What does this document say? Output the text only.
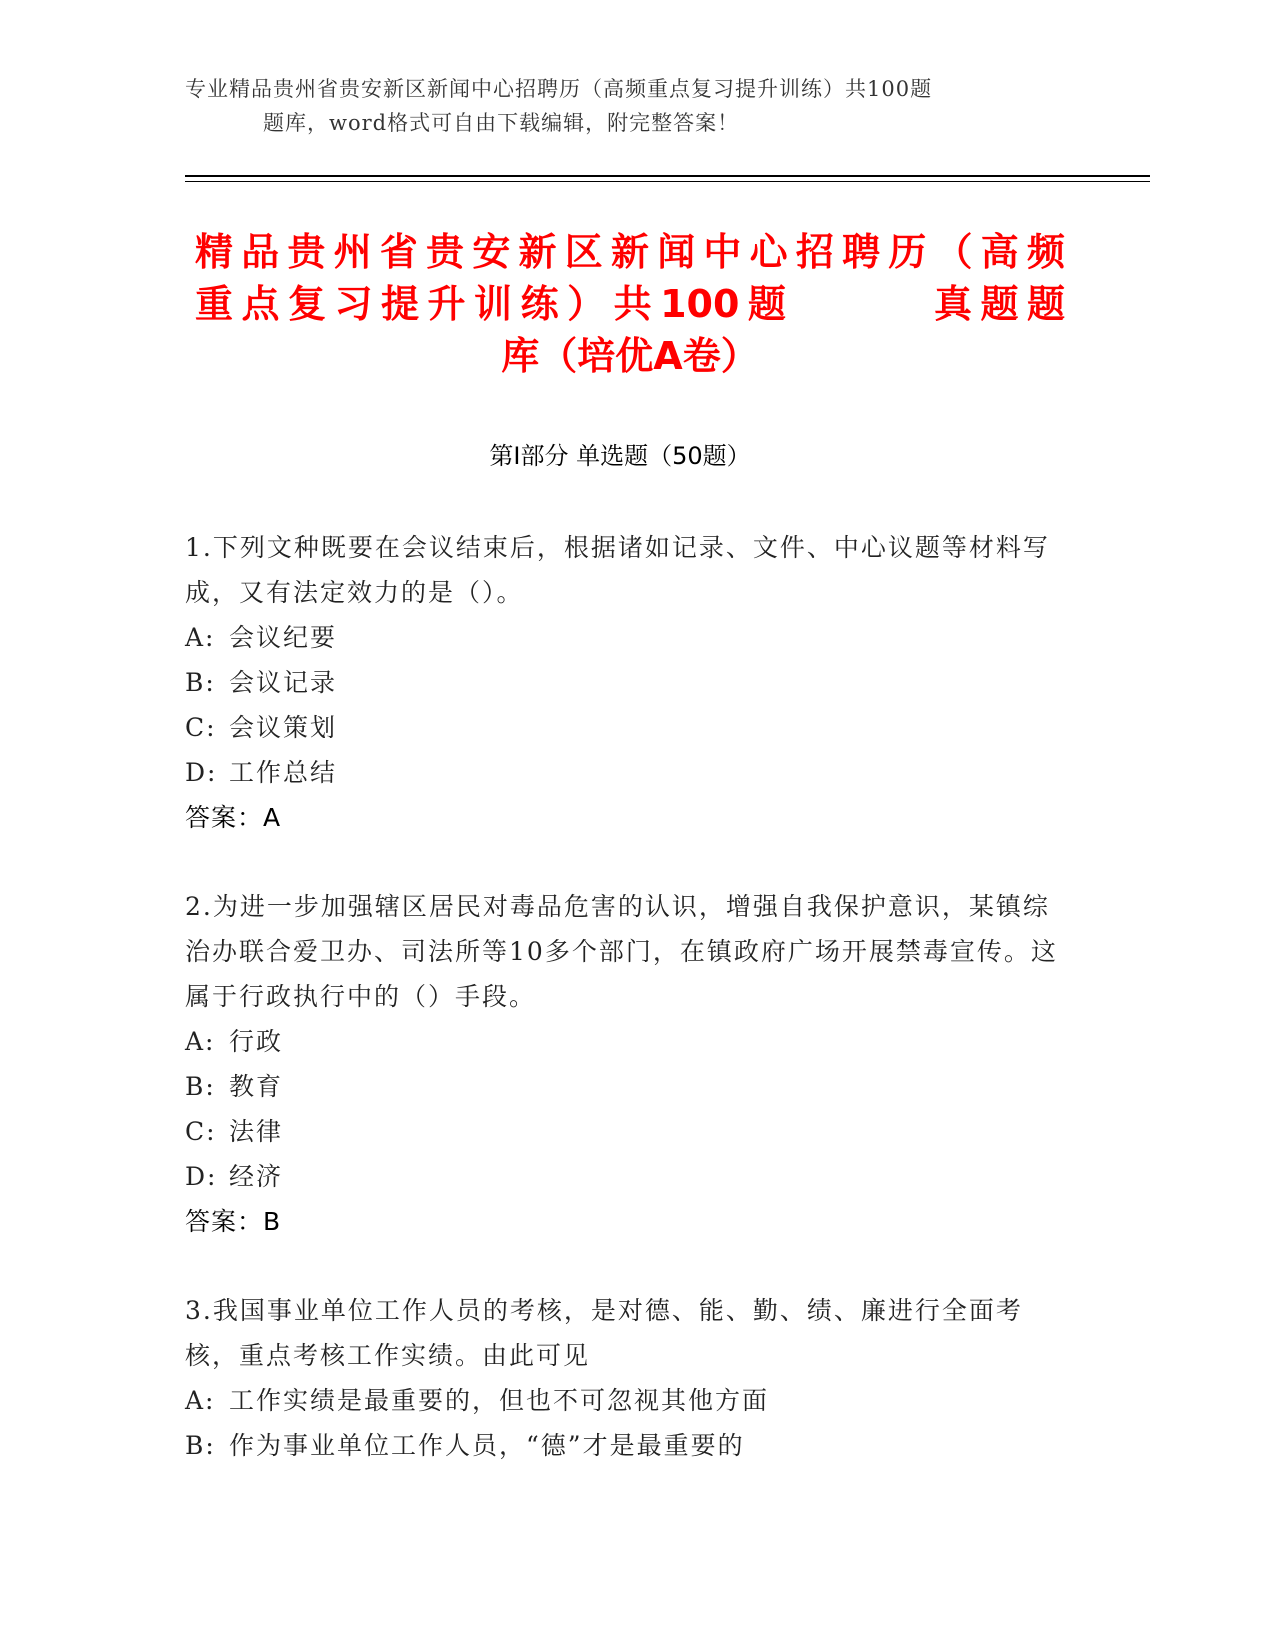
专业精品贵州省贵安新区新闻中心招聘历（高频重点复习提升训练）共100题
题库，word格式可自由下载编辑，附完整答案！
精品贵州省贵安新区新闻中心招聘历（高频
重点复习提升训练）共100题　　　真题题
库（培优A卷）
第Ⅰ部分 单选题（50题）
1.下列文种既要在会议结束后，根据诸如记录、文件、中心议题等材料写成，又有法定效力的是（）。
A: 会议纪要
B: 会议记录
C: 会议策划
D: 工作总结
答案：A
2.为进一步加强辖区居民对毒品危害的认识，增强自我保护意识，某镇综治办联合爱卫办、司法所等10多个部门，在镇政府广场开展禁毒宣传。这属于行政执行中的（）手段。
A: 行政
B: 教育
C: 法律
D: 经济
答案：B
3.我国事业单位工作人员的考核，是对德、能、勤、绩、廉进行全面考核，重点考核工作实绩。由此可见
A: 工作实绩是最重要的，但也不可忽视其他方面
B: 作为事业单位工作人员，“德”才是最重要的
